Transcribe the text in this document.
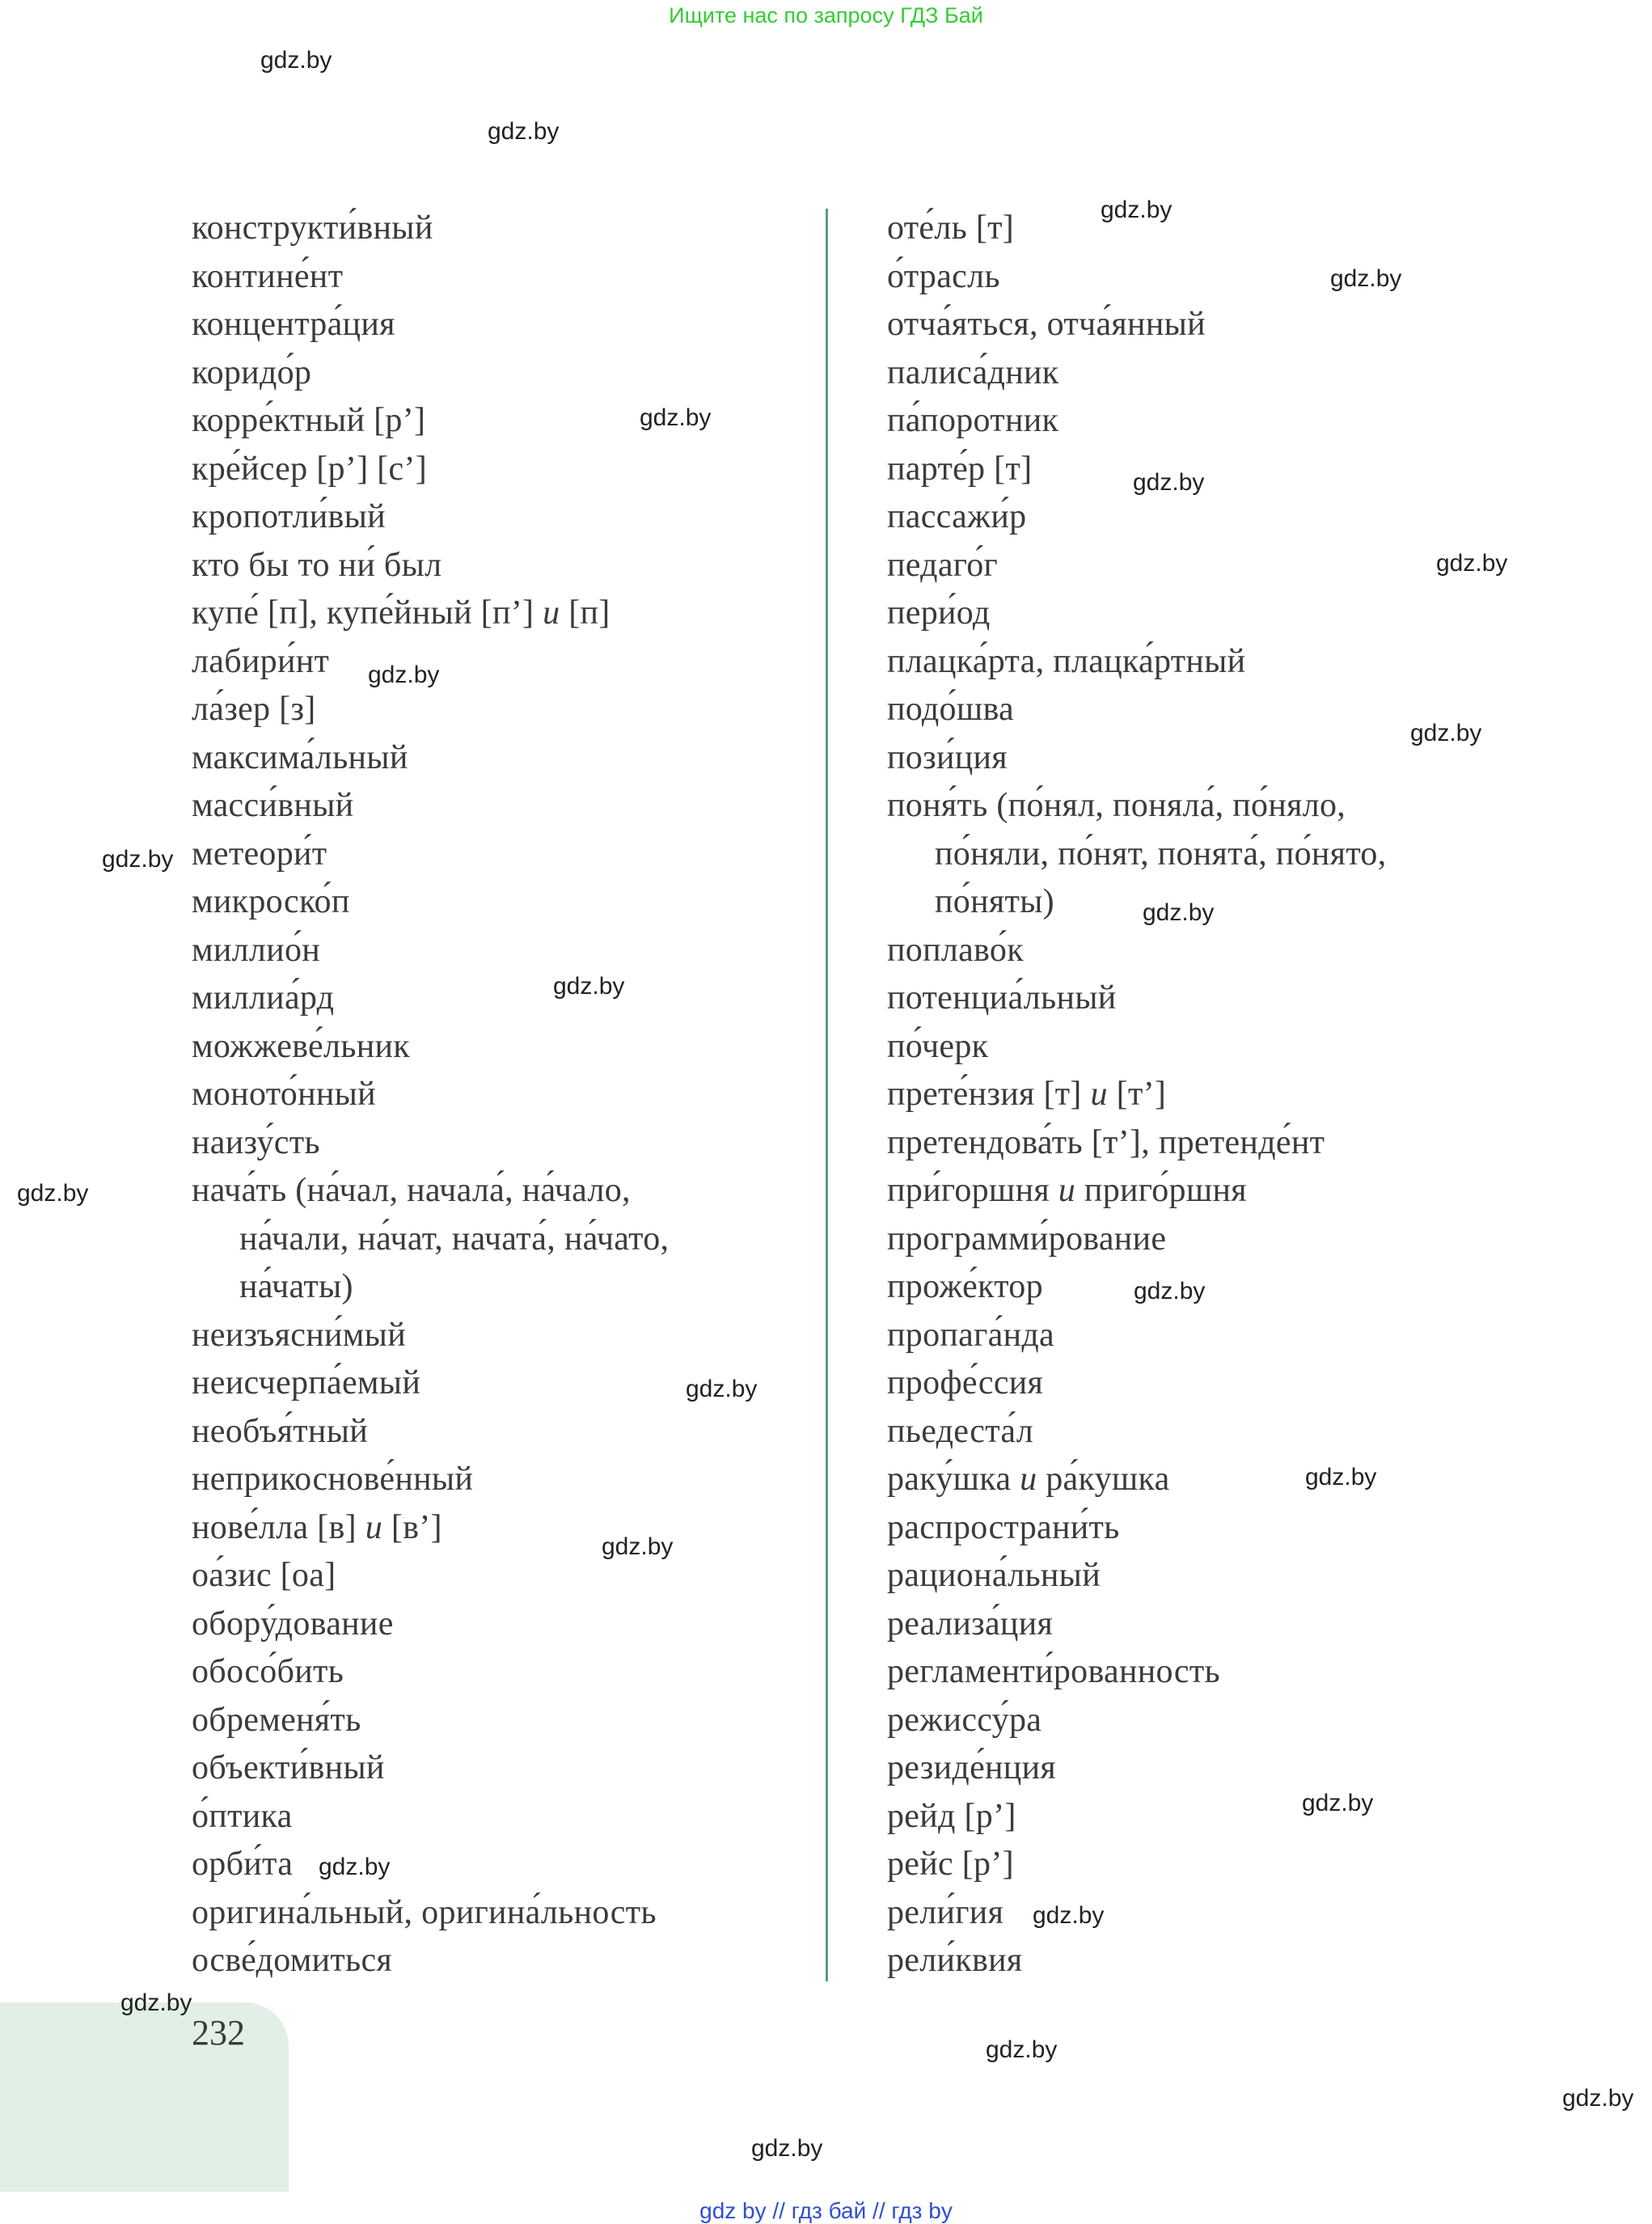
Ищите нас по запросу ГДЗ Бай
конструкти́вный
контине́нт
концентра́ция
коридо́р
корре́ктный [р’]
кре́йсер [р’] [с’]
кропотли́вый
кто бы то ни́ был
купе́ [п], купе́йный [п’] и [п]
лабири́нт
ла́зер [з]
максима́льный
масси́вный
метеори́т
микроско́п
миллио́н
миллиа́рд
можжеве́льник
моното́нный
наизу́сть
нача́ть (на́чал, начала́, на́чало,
на́чали, на́чат, начата́, на́чато,
на́чаты)
неизъясни́мый
неисчерпа́емый
необъя́тный
неприкоснове́нный
нове́лла [в] и [в’]
оа́зис [оа]
обору́дование
обосо́бить
обременя́ть
объекти́вный
о́птика
орби́та
оригина́льный, оригина́льность
осве́домиться
оте́ль [т]
о́трасль
отча́яться, отча́янный
палиса́дник
па́поротник
парте́р [т]
пассажи́р
педаго́г
пери́од
плацка́рта, плацка́ртный
подо́шва
пози́ция
поня́ть (по́нял, поняла́, по́няло,
по́няли, по́нят, понята́, по́нято,
по́няты)
поплаво́к
потенциа́льный
по́черк
прете́нзия [т] и [т’]
претендова́ть [т’], претенде́нт
при́горшня и приго́ршня
программи́рование
проже́ктор
пропага́нда
профе́ссия
пьедеста́л
раку́шка и ра́кушка
распространи́ть
рациона́льный
реализа́ция
регламенти́рованность
режиссу́ра
резиде́нция
рейд [р’]
рейс [р’]
рели́гия
рели́квия
232
gdz.by
gdz.by
gdz.by
gdz.by
gdz.by
gdz.by
gdz.by
gdz.by
gdz.by
gdz.by
gdz.by
gdz.by
gdz.by
gdz.by
gdz.by
gdz.by
gdz.by
gdz.by
gdz.by
gdz.by
gdz.by
gdz.by
gdz.by
gdz.by
gdz by // гдз бай // гдз by
